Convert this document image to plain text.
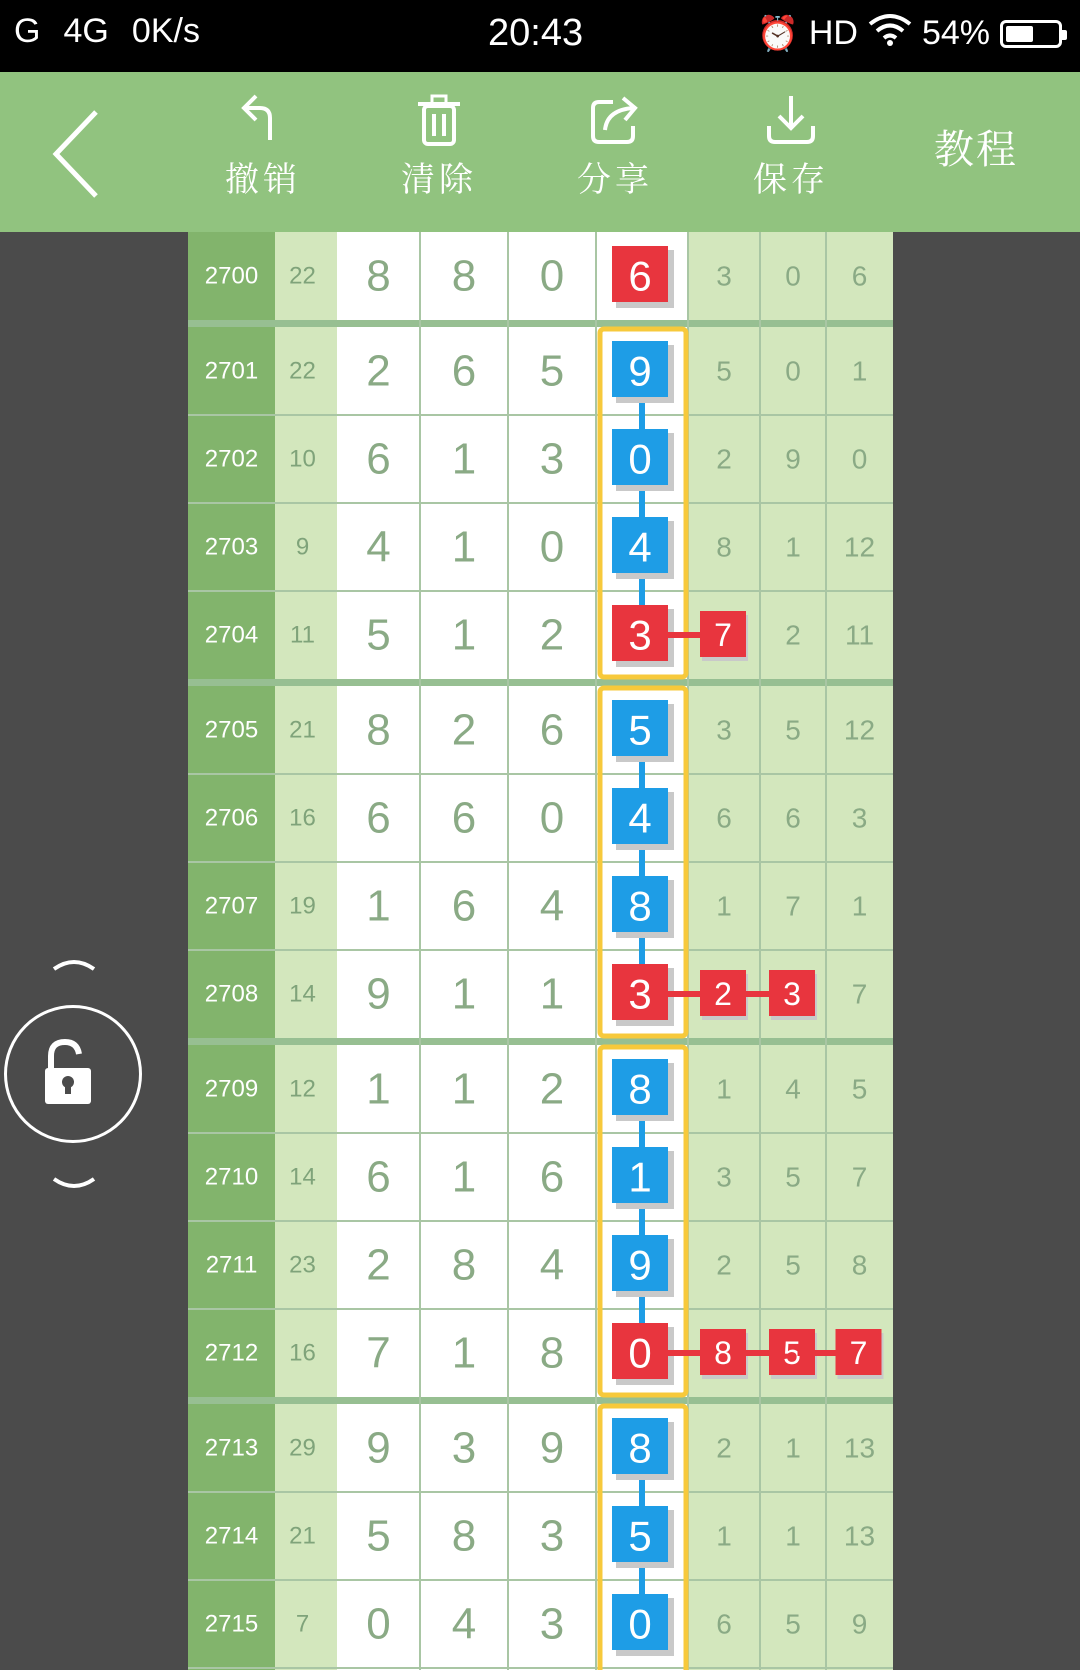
G   4G   0K/s	20:43	⏰ HD 54%
撤销	清除	分享	保存
教程
2700 22 8 8 0 6 3 0 6
2701 22 2 6 5 9 5 0 1
2702 10 6 1 3 0 2 9 0
2703 9 4 1 0 4 8 1 12
2704 11 5 1 2 3 7 2 11
2705 21 8 2 6 5 3 5 12
2706 16 6 6 0 4 6 6 3
2707 19 1 6 4 8 1 7 1
2708 14 9 1 1 3 2 3 7
2709 12 1 1 2 8 1 4 5
2710 14 6 1 6 1 3 5 7
2711 23 2 8 4 9 2 5 8
2712 16 7 1 8 0 8 5 7
2713 29 9 3 9 8 2 1 13
2714 21 5 8 3 5 1 1 13
2715 7 0 4 3 0 6 5 9
